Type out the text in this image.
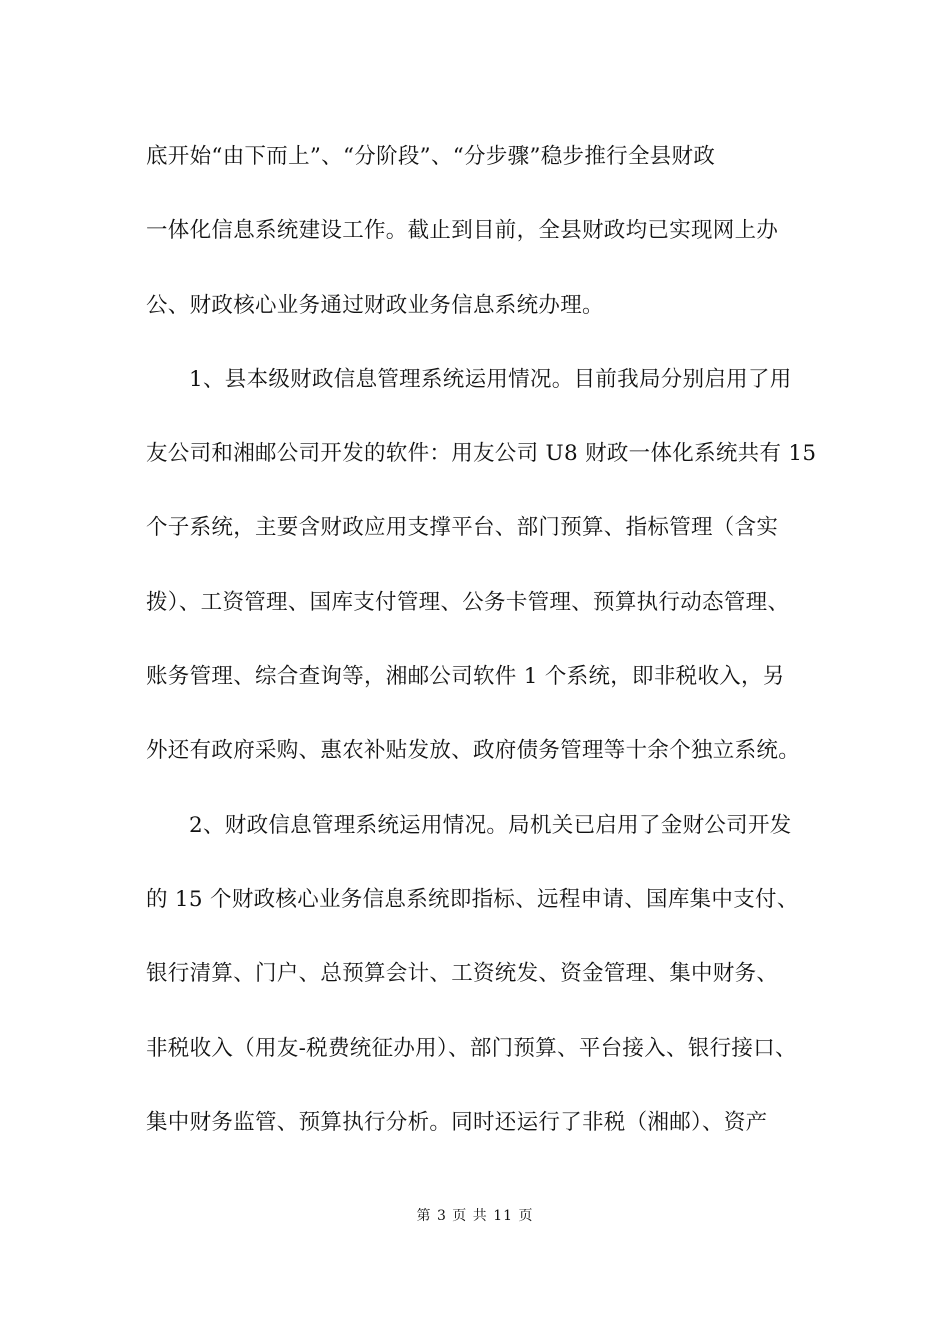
底开始“由下而上”、“分阶段”、“分步骤”稳步推行全县财政
一体化信息系统建设工作。截止到目前，全县财政均已实现网上办
公、财政核心业务通过财政业务信息系统办理。
1、县本级财政信息管理系统运用情况。目前我局分别启用了用
友公司和湘邮公司开发的软件：用友公司 U8 财政一体化系统共有 15
个子系统，主要含财政应用支撑平台、部门预算、指标管理（含实
拨）、工资管理、国库支付管理、公务卡管理、预算执行动态管理、
账务管理、综合查询等，湘邮公司软件 1 个系统，即非税收入，另
外还有政府采购、惠农补贴发放、政府债务管理等十余个独立系统。
2、财政信息管理系统运用情况。局机关已启用了金财公司开发
的 15 个财政核心业务信息系统即指标、远程申请、国库集中支付、
银行清算、门户、总预算会计、工资统发、资金管理、集中财务、
非税收入（用友-税费统征办用）、部门预算、平台接入、银行接口、
集中财务监管、预算执行分析。同时还运行了非税（湘邮）、资产
第 3 页 共 11 页
